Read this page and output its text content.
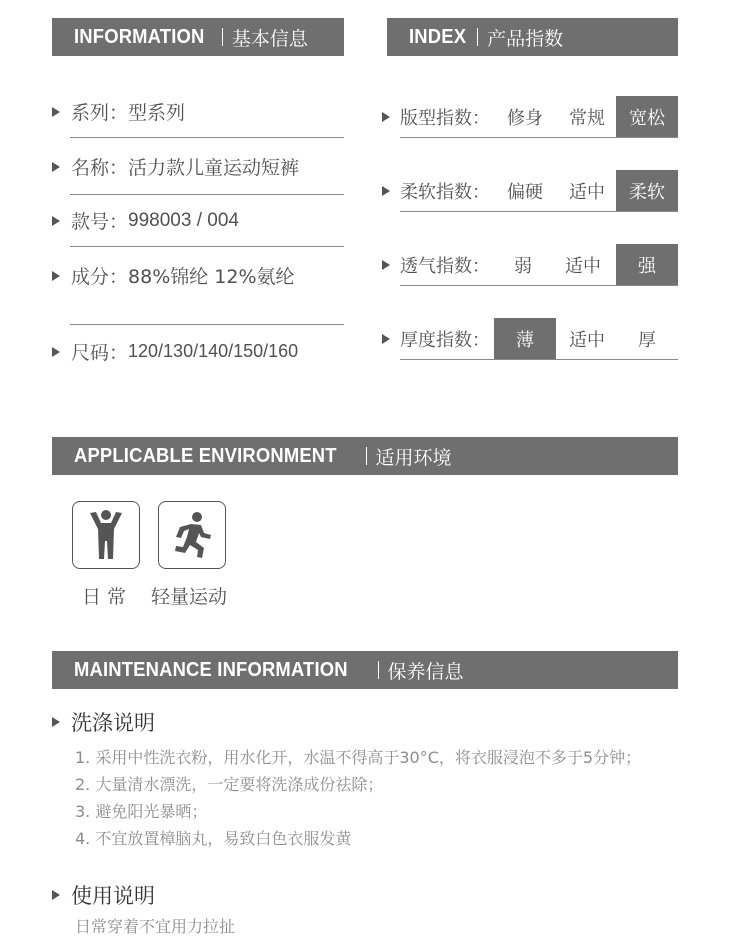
INFORMATION 基本信息	INDEX 产品指数
系列： 型系列
名称： 活力款儿童运动短裤
款号： 998003 / 004
成分： 88%锦纶 12%氨纶
尺码： 120/130/140/150/160
版型指数： 修身	常规	宽松
柔软指数： 偏硬	适中	柔软
透气指数：	弱	适中	强
厚度指数：	薄	适中	厚
APPLICABLE ENVIRONMENT 适用环境
日 常 轻量运动
MAINTENANCE INFORMATION 保养信息
洗涤说明
1. 采用中性洗衣粉，用水化开，水温不得高于30°C，将衣服浸泡不多于5分钟；
2. 大量清水漂洗，一定要将洗涤成份祛除；
3. 避免阳光暴晒；
4. 不宜放置樟脑丸，易致白色衣服发黄
使用说明
日常穿着不宜用力拉扯
